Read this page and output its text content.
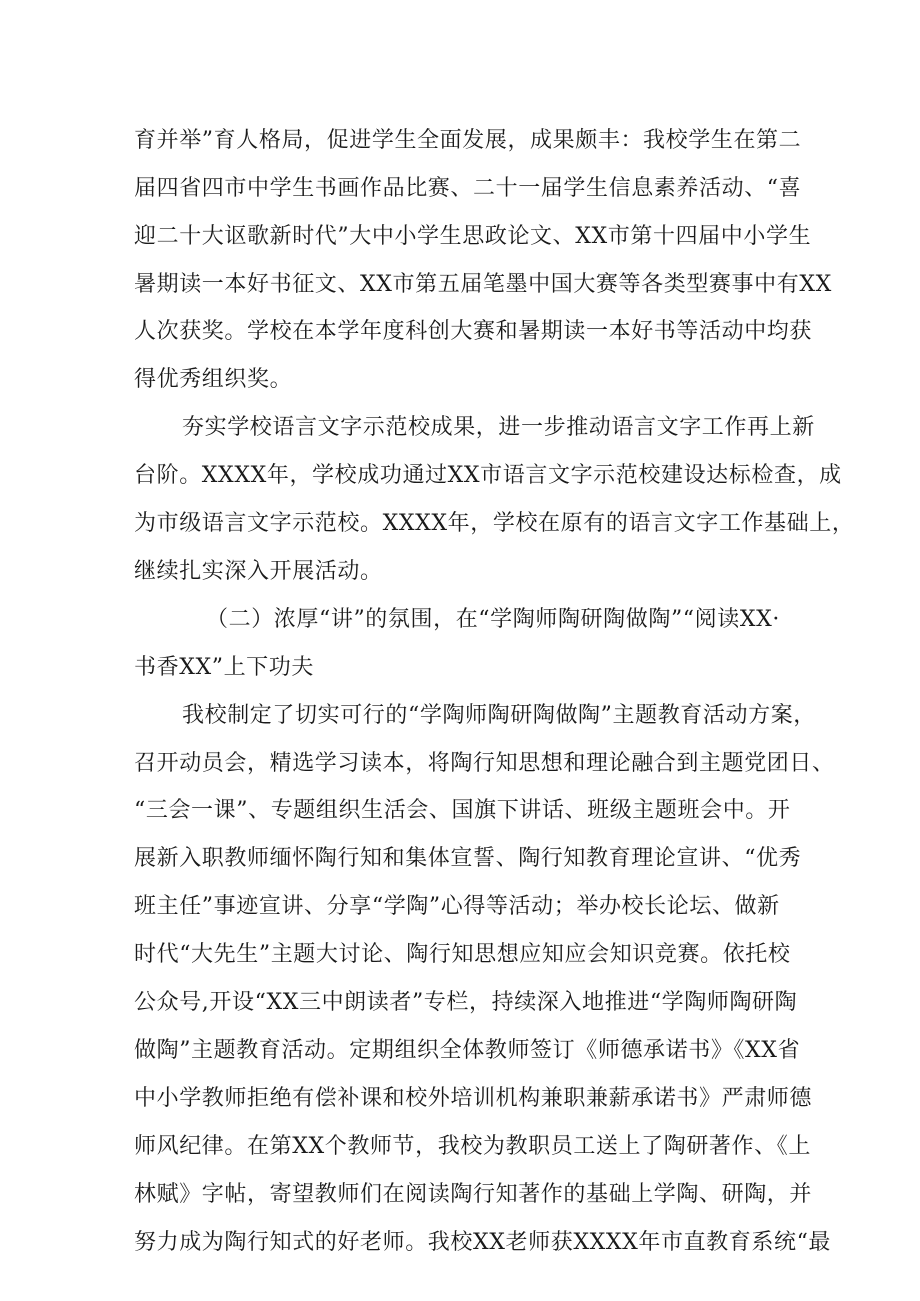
育并举”育人格局，促进学生全面发展，成果颇丰：我校学生在第二
届四省四市中学生书画作品比赛、二十一届学生信息素养活动、“喜
迎二十大讴歌新时代”大中小学生思政论文、XX市第十四届中小学生
暑期读一本好书征文、XX市第五届笔墨中国大赛等各类型赛事中有XX
人次获奖。学校在本学年度科创大赛和暑期读一本好书等活动中均获
得优秀组织奖。
夯实学校语言文字示范校成果，进一步推动语言文字工作再上新
台阶。XXXX年，学校成功通过XX市语言文字示范校建设达标检查，成
为市级语言文字示范校。XXXX年，学校在原有的语言文字工作基础上，
继续扎实深入开展活动。
（二）浓厚“讲”的氛围，在“学陶师陶研陶做陶”“阅读XX·
书香XX”上下功夫
我校制定了切实可行的“学陶师陶研陶做陶”主题教育活动方案，
召开动员会，精选学习读本，将陶行知思想和理论融合到主题党团日、
“三会一课”、专题组织生活会、国旗下讲话、班级主题班会中。开
展新入职教师缅怀陶行知和集体宣誓、陶行知教育理论宣讲、“优秀
班主任”事迹宣讲、分享“学陶”心得等活动；举办校长论坛、做新
时代“大先生”主题大讨论、陶行知思想应知应会知识竞赛。依托校
公众号,开设“XX三中朗读者”专栏，持续深入地推进“学陶师陶研陶
做陶”主题教育活动。定期组织全体教师签订《师德承诺书》《XX省
中小学教师拒绝有偿补课和校外培训机构兼职兼薪承诺书》严肃师德
师风纪律。在第XX个教师节，我校为教职员工送上了陶研著作、《上
林赋》字帖，寄望教师们在阅读陶行知著作的基础上学陶、研陶，并
努力成为陶行知式的好老师。我校XX老师获XXXX年市直教育系统“最
